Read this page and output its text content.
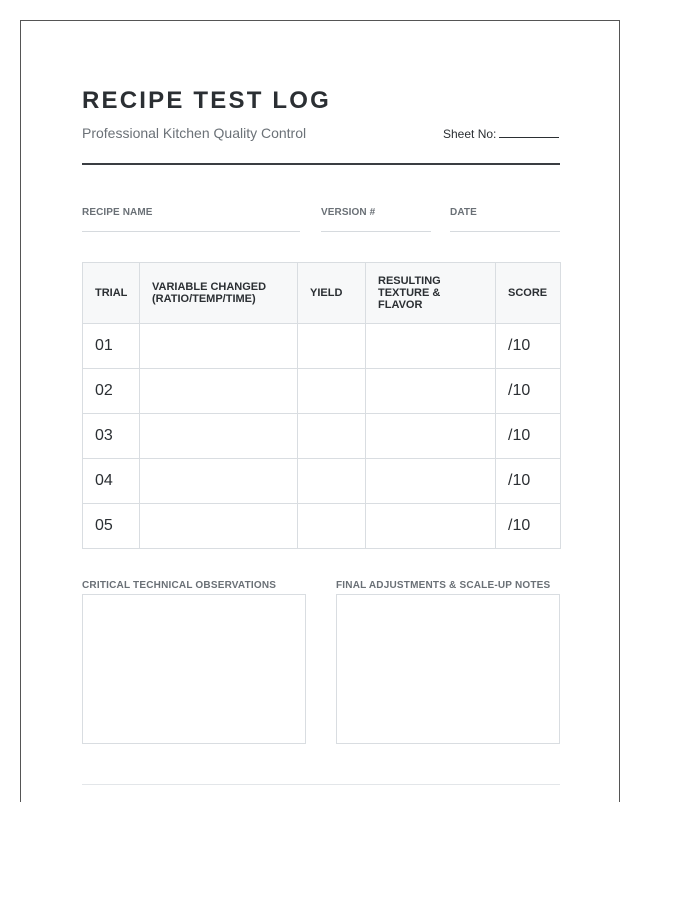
RECIPE TEST LOG
Professional Kitchen Quality Control	Sheet No:
RECIPE NAME	VERSION #	DATE
TRIAL	VARIABLE CHANGED (RATIO/TEMP/TIME)	YIELD	RESULTING TEXTURE & FLAVOR	SCORE
01				/10
02				/10
03				/10
04				/10
05				/10
CRITICAL TECHNICAL OBSERVATIONS	FINAL ADJUSTMENTS & SCALE-UP NOTES
